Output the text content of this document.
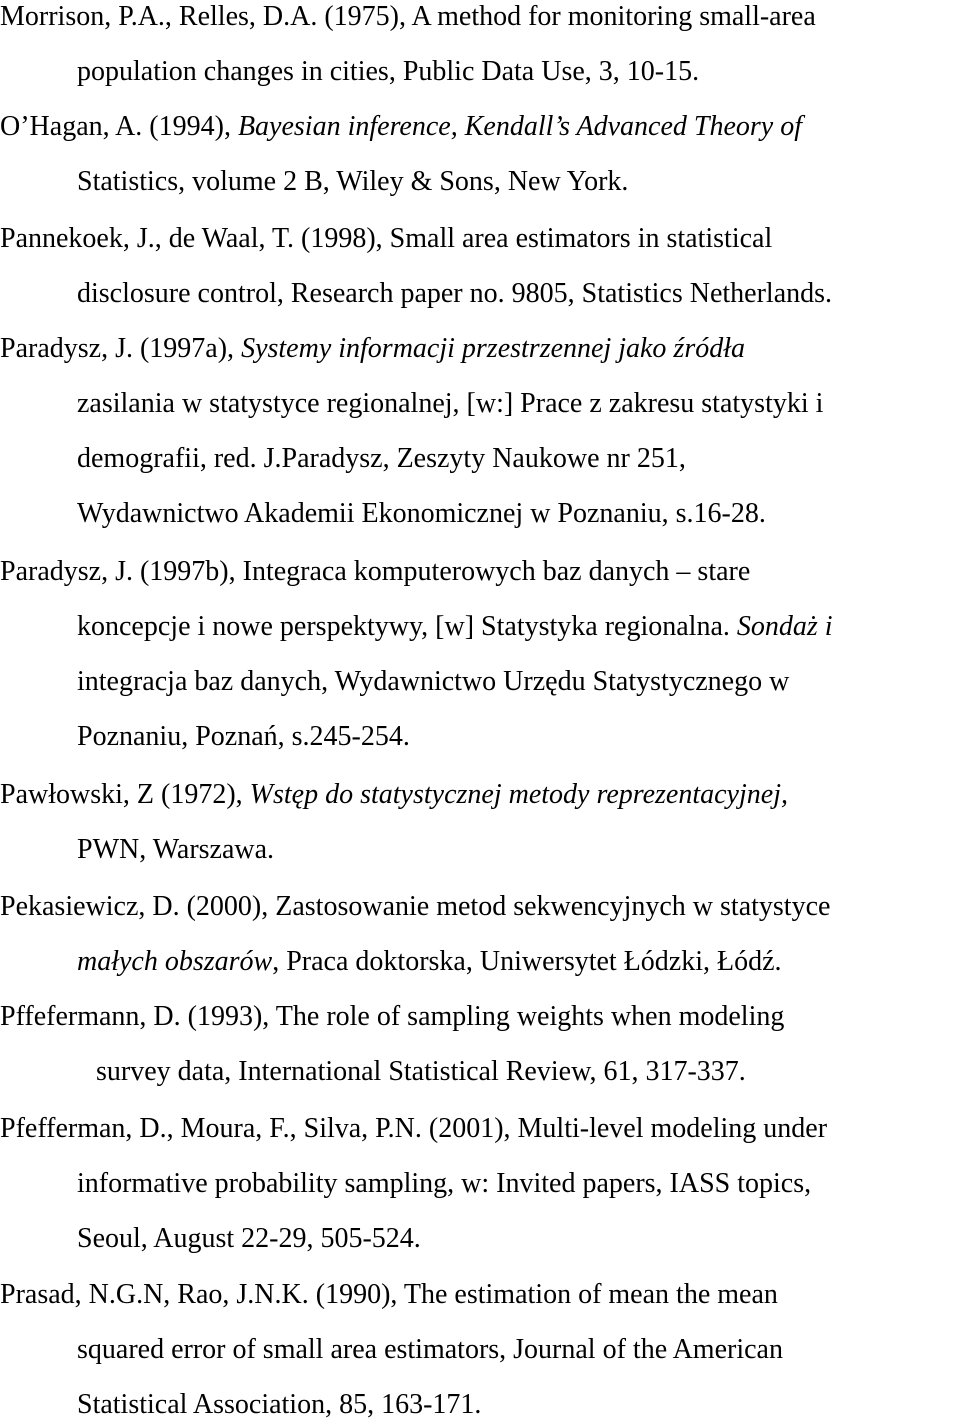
Morrison, P.A., Relles, D.A. (1975), A method for monitoring small-area
population changes in cities, Public Data Use, 3, 10-15.
O’Hagan, A. (1994), Bayesian inference, Kendall’s Advanced Theory of
Statistics, volume 2 B, Wiley & Sons, New York.
Pannekoek, J., de Waal, T. (1998), Small area estimators in statistical
disclosure control, Research paper no. 9805, Statistics Netherlands.
Paradysz, J. (1997a), Systemy informacji przestrzennej jako źródła
zasilania w statystyce regionalnej, [w:] Prace z zakresu statystyki i
demografii, red. J.Paradysz, Zeszyty Naukowe nr 251,
Wydawnictwo Akademii Ekonomicznej w Poznaniu, s.16-28.
Paradysz, J. (1997b), Integraca komputerowych baz danych – stare
koncepcje i nowe perspektywy, [w] Statystyka regionalna. Sondaż i
integracja baz danych, Wydawnictwo Urzędu Statystycznego w
Poznaniu, Poznań, s.245-254.
Pawłowski, Z (1972), Wstęp do statystycznej metody reprezentacyjnej,
PWN, Warszawa.
Pekasiewicz, D. (2000), Zastosowanie metod sekwencyjnych w statystyce
małych obszarów, Praca doktorska, Uniwersytet Łódzki, Łódź.
Pffefermann, D. (1993), The role of sampling weights when modeling
survey data, International Statistical Review, 61, 317-337.
Pfefferman, D., Moura, F., Silva, P.N. (2001), Multi-level modeling under
informative probability sampling, w: Invited papers, IASS topics,
Seoul, August 22-29, 505-524.
Prasad, N.G.N, Rao, J.N.K. (1990), The estimation of mean the mean
squared error of small area estimators, Journal of the American
Statistical Association, 85, 163-171.
